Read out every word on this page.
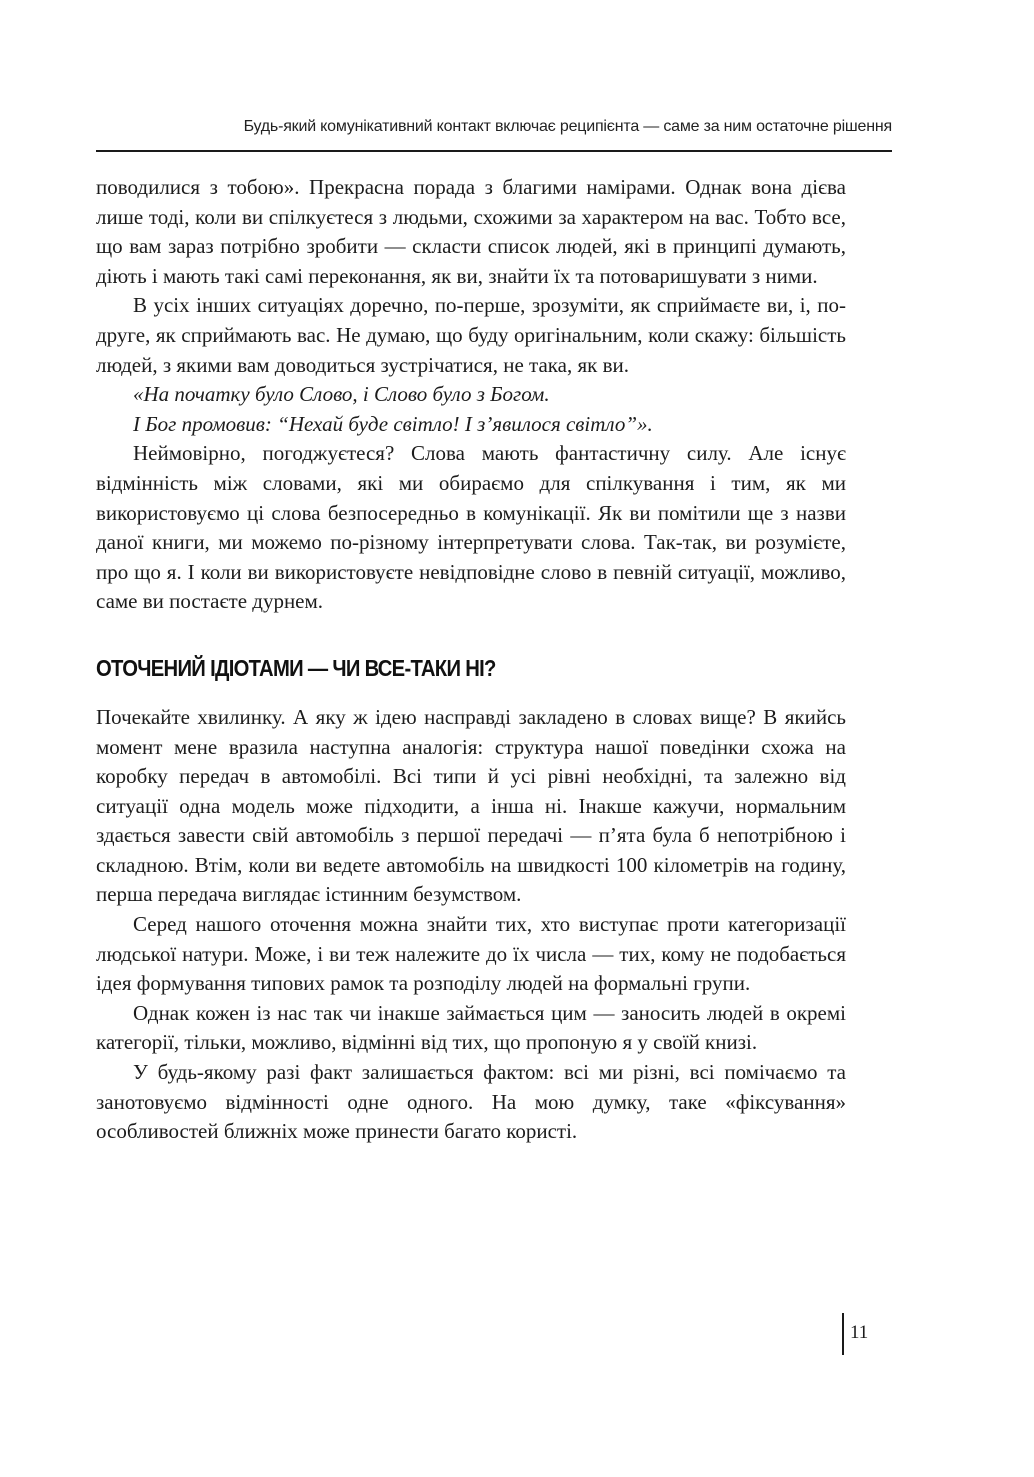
Будь-який комунікативний контакт включає реципієнта — саме за ним остаточне рішення

поводилися з тобою». Прекрасна порада з благими намірами. Однак вона дієва лише тоді, коли ви спілкуєтеся з людьми, схожими за характером на вас. Тобто все, що вам зараз потрібно зробити — скласти список людей, які в принципі думають, діють і мають такі самі переконання, як ви, знайти їх та потоваришувати з ними.

В усіх інших ситуаціях доречно, по-перше, зрозуміти, як сприймаєте ви, і, по-друге, як сприймають вас. Не думаю, що буду оригінальним, коли скажу: більшість людей, з якими вам доводиться зустрічатися, не така, як ви.

«На початку було Слово, і Слово було з Богом.

І Бог промовив: “Нехай буде світло! І з’явилося світло”».

Неймовірно, погоджуєтеся? Слова мають фантастичну силу. Але існує відмінність між словами, які ми обираємо для спілкування і тим, як ми використовуємо ці слова безпосередньо в комунікації. Як ви помітили ще з назви даної книги, ми можемо по-різному інтерпретувати слова. Так-так, ви розумієте, про що я. І коли ви використовуєте невідповідне слово в певній ситуації, можливо, саме ви постаєте дурнем.

ОТОЧЕНИЙ ІДІОТАМИ — ЧИ ВСЕ-ТАКИ НІ?

Почекайте хвилинку. А яку ж ідею насправді закладено в словах вище? В якийсь момент мене вразила наступна аналогія: структура нашої поведінки схожа на коробку передач в автомобілі. Всі типи й усі рівні необхідні, та залежно від ситуації одна модель може підходити, а інша ні. Інакше кажучи, нормальним здається завести свій автомобіль з першої передачі — п’ята була б непотрібною і складною. Втім, коли ви ведете автомобіль на швидкості 100 кілометрів на годину, перша передача виглядає істинним безумством.

Серед нашого оточення можна знайти тих, хто виступає проти категоризації людської натури. Може, і ви теж належите до їх числа — тих, кому не подобається ідея формування типових рамок та розподілу людей на формальні групи.

Однак кожен із нас так чи інакше займається цим — заносить людей в окремі категорії, тільки, можливо, відмінні від тих, що пропоную я у своїй книзі.

У будь-якому разі факт залишається фактом: всі ми різні, всі помічаємо та занотовуємо відмінності одне одного. На мою думку, таке «фіксування» особливостей ближніх може принести багато користі.

11
